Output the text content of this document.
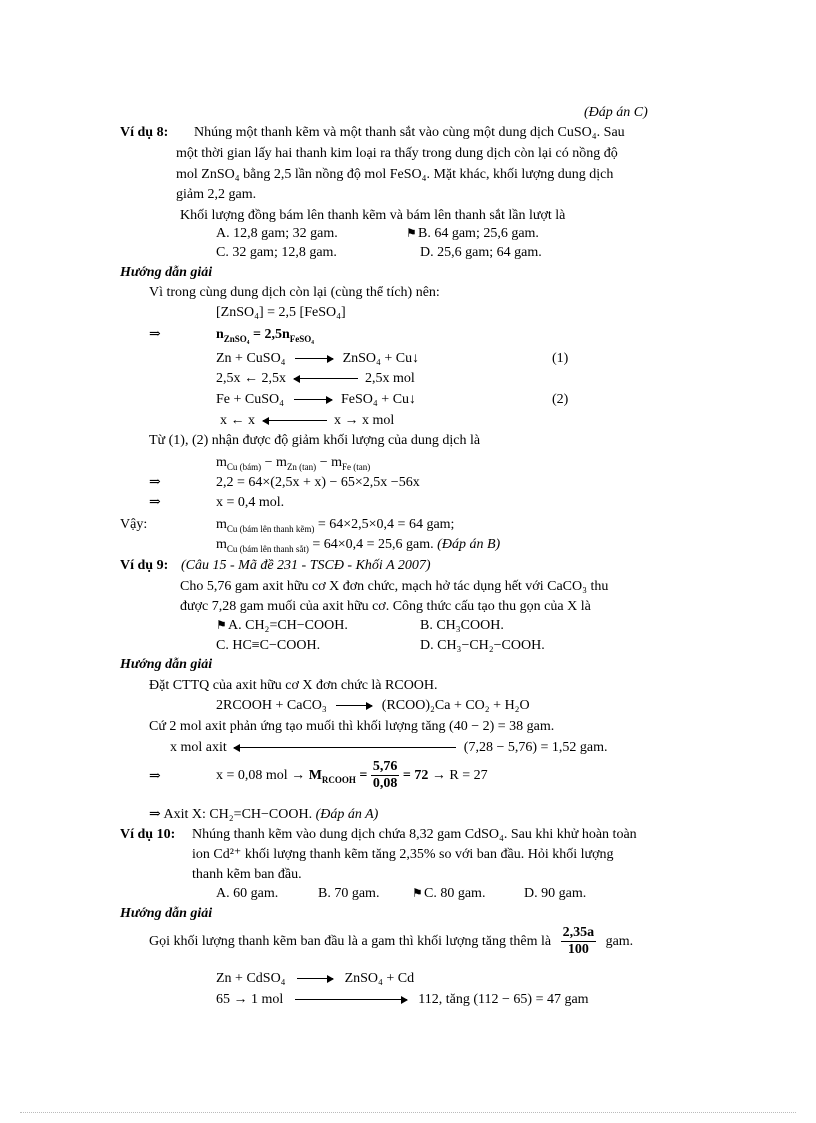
(Đáp án C)
Ví dụ 8: Nhúng một thanh kẽm và một thanh sắt vào cùng một dung dịch CuSO₄. Sau
một thời gian lấy hai thanh kim loại ra thấy trong dung dịch còn lại có nồng độ
mol ZnSO₄ bằng 2,5 lần nồng độ mol FeSO₄. Mặt khác, khối lượng dung dịch
giảm 2,2 gam.
Khối lượng đồng bám lên thanh kẽm và bám lên thanh sắt lần lượt là
A. 12,8 gam; 32 gam.	⚑B. 64 gam; 25,6 gam.
C. 32 gam; 12,8 gam.	D. 25,6 gam; 64 gam.
Hướng dẫn giải
Vì trong cùng dung dịch còn lại (cùng thể tích) nên:
[ZnSO₄] = 2,5 [FeSO₄]
⇒	$n_{ZnSO_4} = 2,5n_{FeSO_4}$
Zn + CuSO₄	ZnSO₄ + Cu↓	(1)
2,5x ← 2,5x	2,5x mol
Fe + CuSO₄	FeSO₄ + Cu↓	(2)
x ← x	x → x mol
Từ (1), (2) nhận được độ giảm khối lượng của dung dịch là
$m_{Cu (bám)} - m_{Zn (tan)} - m_{Fe (tan)}$
⇒	2,2 = 64×(2,5x + x) − 65×2,5x −56x
⇒	x = 0,4 mol.
Vậy:	$m_{Cu (bám lên thanh kẽm)} = 64\times 2,5\times 0,4 = 64$ gam;
$m_{Cu (bám lên thanh sắt)} = 64\times 0,4 = 25,6$ gam. (Đáp án B)
Ví dụ 9: (Câu 15 - Mã đề 231 - TSCĐ - Khối A 2007)
Cho 5,76 gam axit hữu cơ X đơn chức, mạch hở tác dụng hết với CaCO₃ thu
được 7,28 gam muối của axit hữu cơ. Công thức cấu tạo thu gọn của X là
⚑A. CH₂=CH−COOH.	B. CH₃COOH.
C. HC≡C−COOH.	D. CH₃−CH₂−COOH.
Hướng dẫn giải
Đặt CTTQ của axit hữu cơ X đơn chức là RCOOH.
2RCOOH + CaCO₃	(RCOO)₂Ca + CO₂ + H₂O
Cứ 2 mol axit phản ứng tạo muối thì khối lượng tăng (40 − 2) = 38 gam.
x mol axit	(7,28 − 5,76) = 1,52 gam.
⇒	x = 0,08 mol → $M_{RCOOH} = \frac{5,76}{0,08} = 72 \to R = 27$
⇒ Axit X: CH₂=CH−COOH. (Đáp án A)
Ví dụ 10: Nhúng thanh kẽm vào dung dịch chứa 8,32 gam CdSO₄. Sau khi khử hoàn toàn
ion Cd²⁺ khối lượng thanh kẽm tăng 2,35% so với ban đầu. Hỏi khối lượng
thanh kẽm ban đầu.
A. 60 gam.	B. 70 gam.	⚑C. 80 gam.	D. 90 gam.
Hướng dẫn giải
Gọi khối lượng thanh kẽm ban đầu là a gam thì khối lượng tăng thêm là $\frac{2,35a}{100}$ gam.
Zn + CdSO₄	ZnSO₄ + Cd
65 → 1 mol	112, tăng (112 − 65) = 47 gam
